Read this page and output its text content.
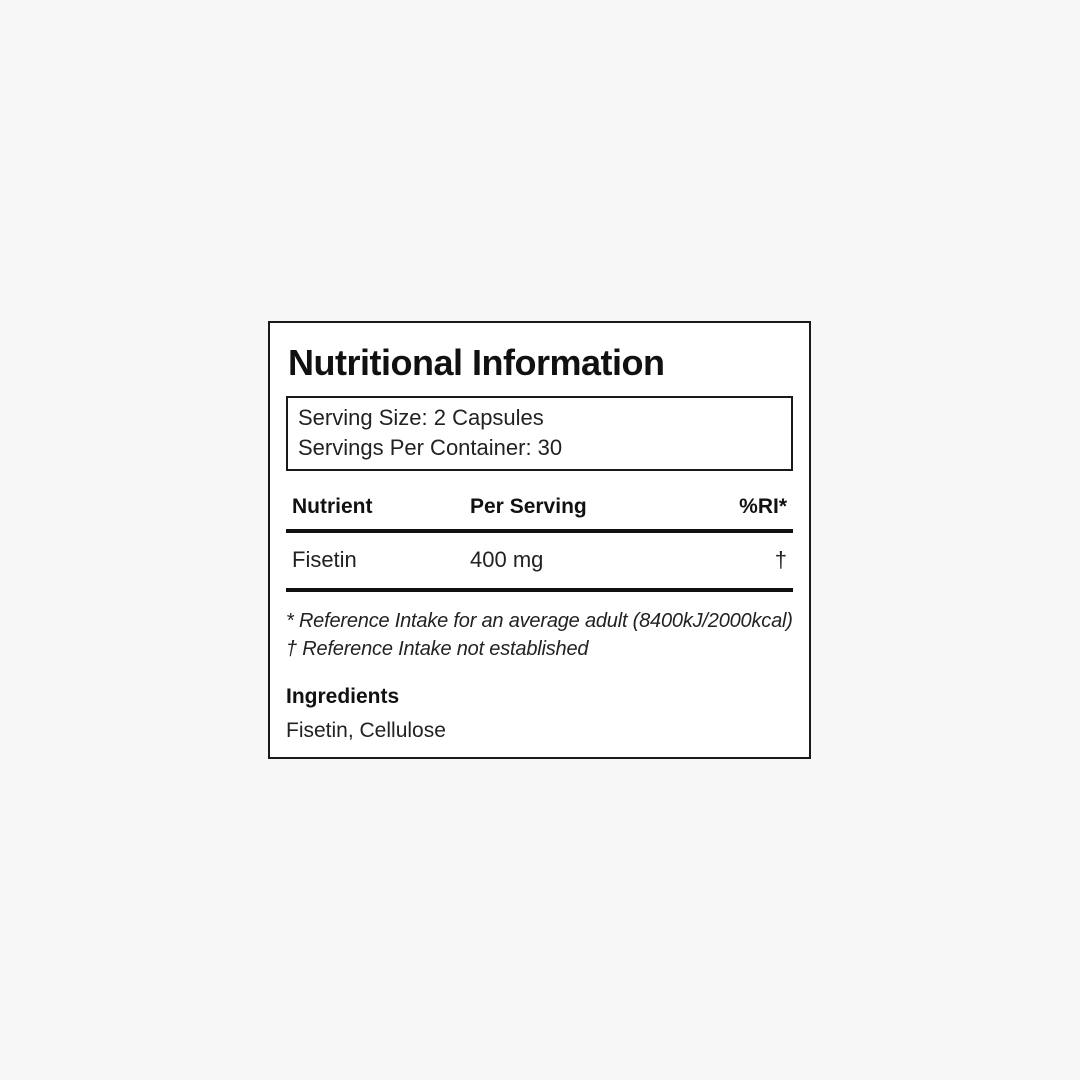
Nutritional Information
Serving Size: 2 Capsules
Servings Per Container: 30
Nutrient	Per Serving	%RI*
Fisetin	400 mg	†
* Reference Intake for an average adult (8400kJ/2000kcal)
† Reference Intake not established
Ingredients
Fisetin, Cellulose
